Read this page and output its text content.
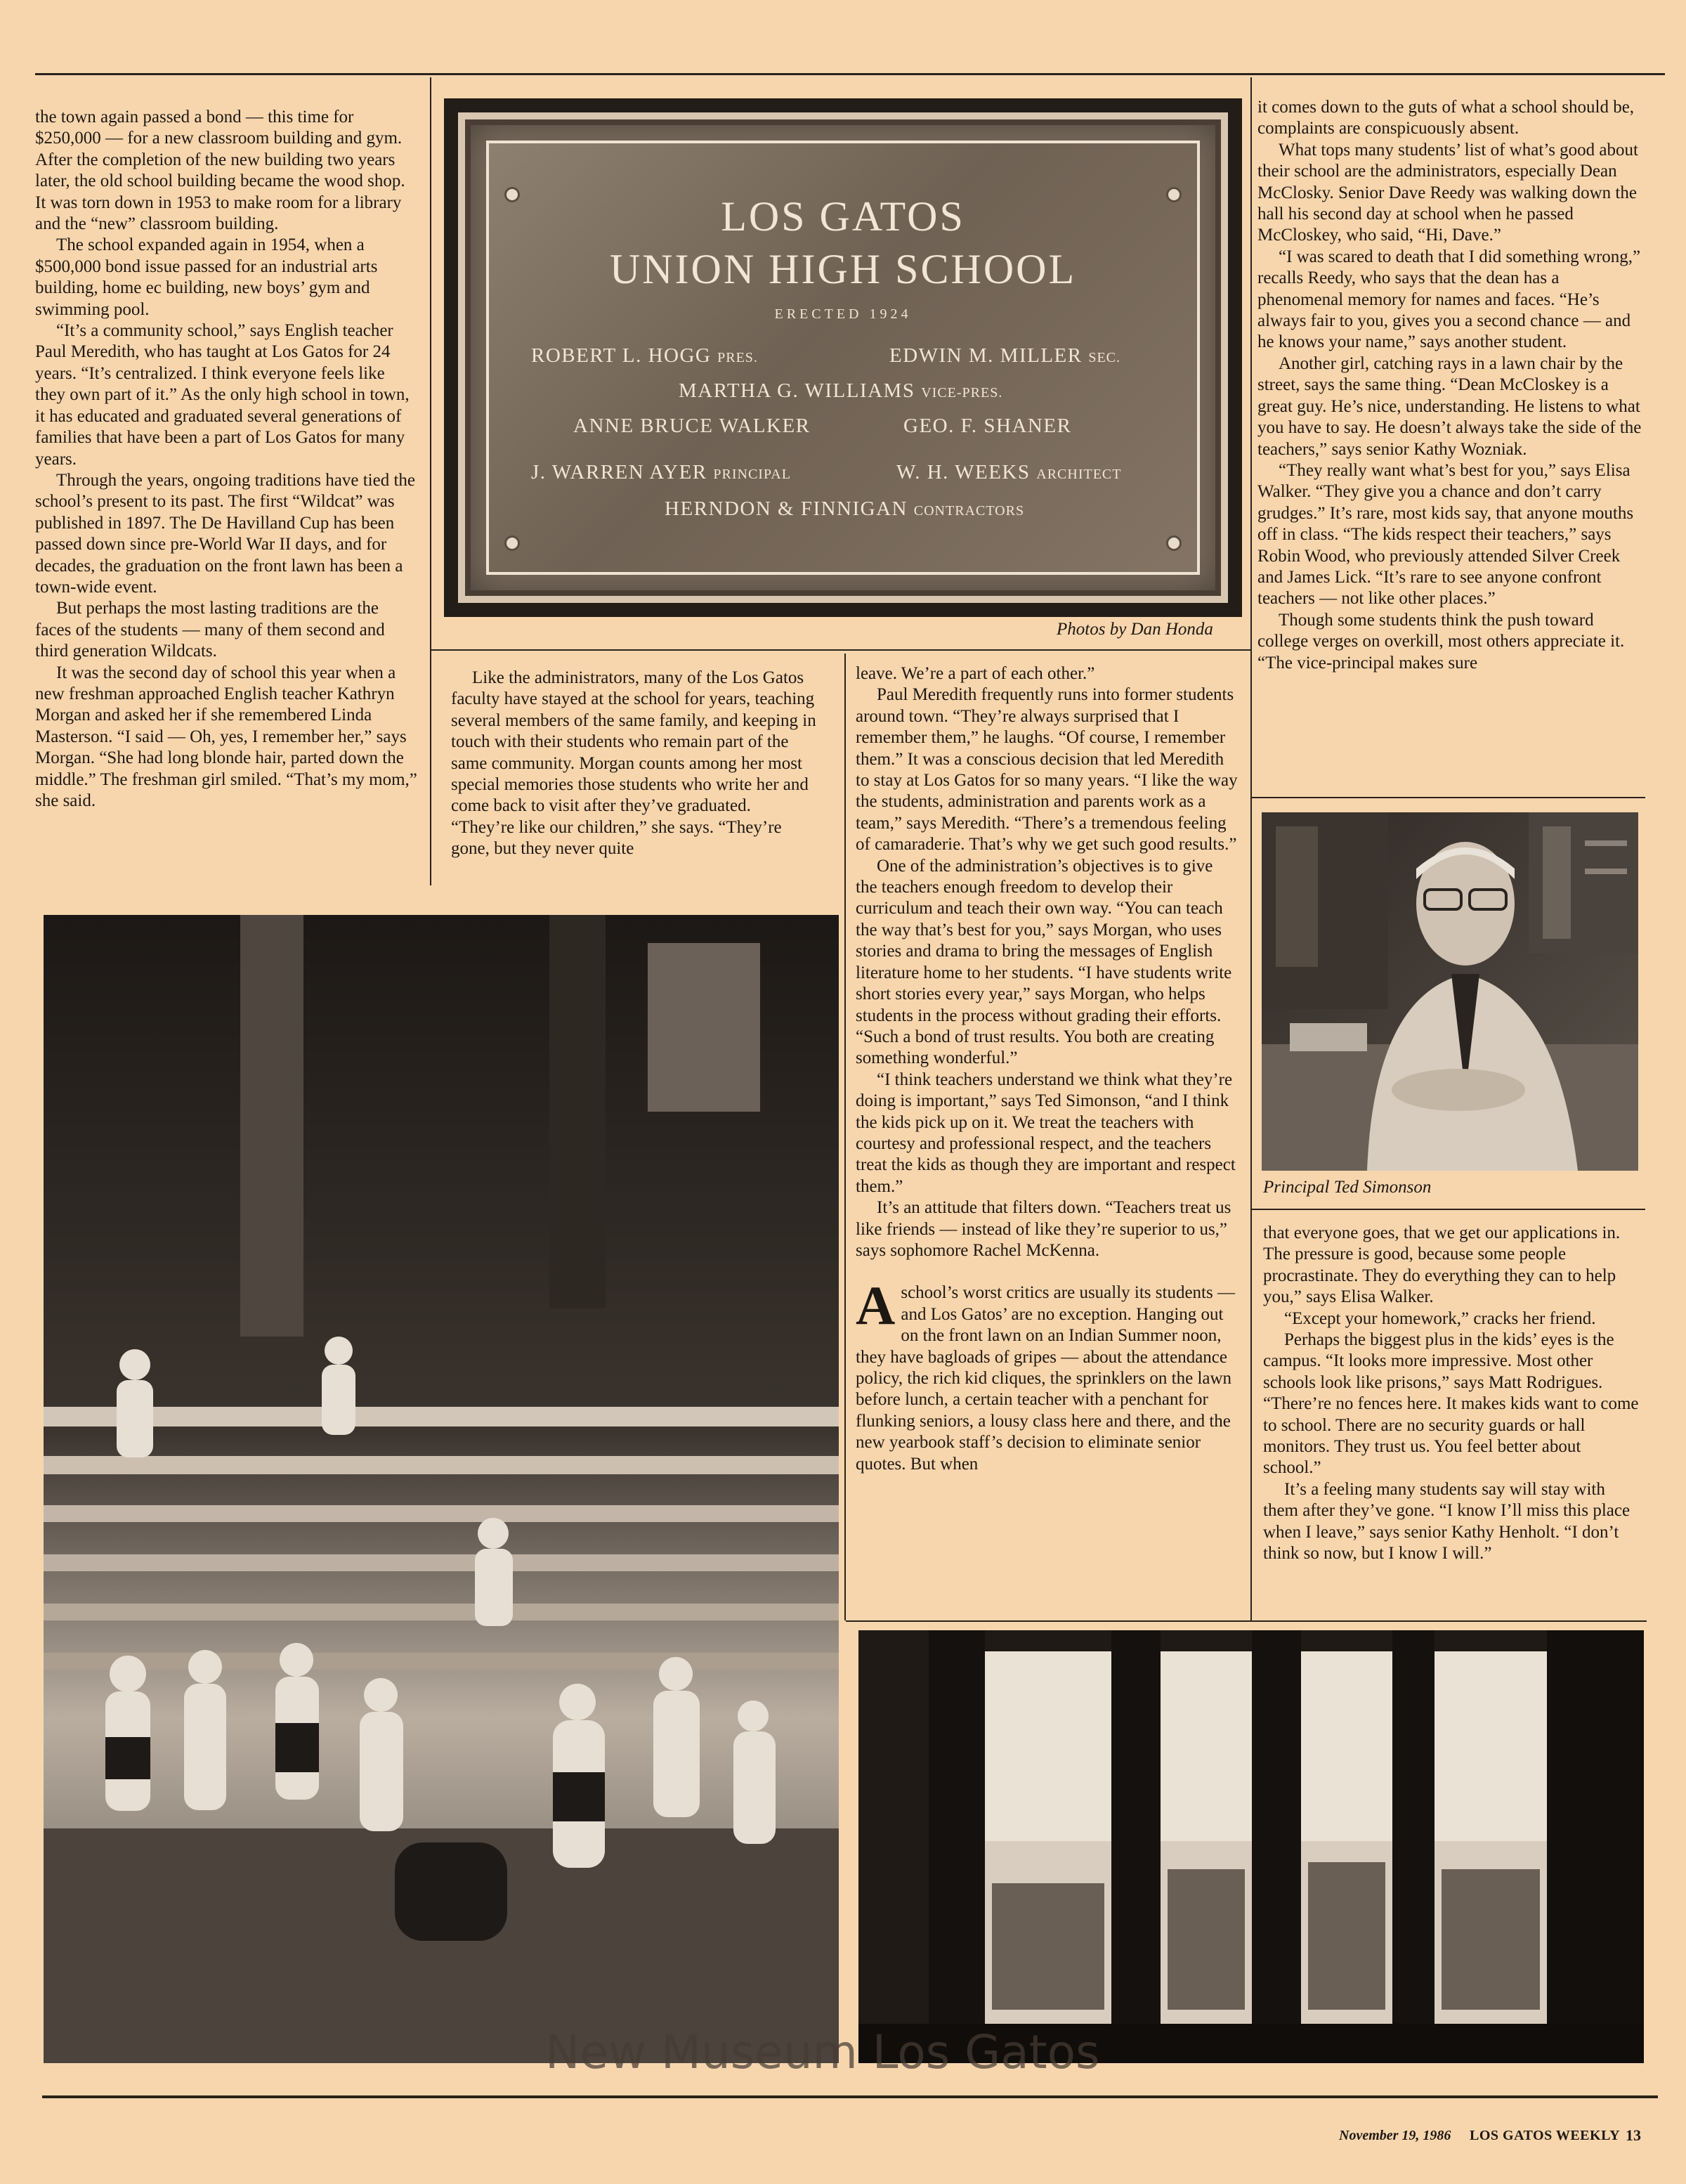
the town again passed a bond — this time for $250,000 — for a new classroom building and gym. After the completion of the new building two years later, the old school building became the wood shop. It was torn down in 1953 to make room for a library and the “new” classroom building.

The school expanded again in 1954, when a $500,000 bond issue passed for an industrial arts building, home ec building, new boys’ gym and swimming pool.

“It’s a community school,” says English teacher Paul Meredith, who has taught at Los Gatos for 24 years. “It’s centralized. I think everyone feels like they own part of it.” As the only high school in town, it has educated and graduated several generations of families that have been a part of Los Gatos for many years.

Through the years, ongoing traditions have tied the school’s present to its past. The first “Wildcat” was published in 1897. The De Havilland Cup has been passed down since pre-World War II days, and for decades, the graduation on the front lawn has been a town-wide event.

But perhaps the most lasting traditions are the faces of the students — many of them second and third generation Wildcats.

It was the second day of school this year when a new freshman approached English teacher Kathryn Morgan and asked her if she remembered Linda Masterson. “I said — Oh, yes, I remember her,” says Morgan. “She had long blonde hair, parted down the middle.” The freshman girl smiled. “That’s my mom,” she said.

LOS GATOS
UNION HIGH SCHOOL
ERECTED 1924
ROBERT L. HOGG PRES.	EDWIN M. MILLER SEC.
MARTHA G. WILLIAMS VICE-PRES.
ANNE BRUCE WALKER	GEO. F. SHANER
J. WARREN AYER PRINCIPAL	W. H. WEEKS ARCHITECT
HERNDON & FINNIGAN CONTRACTORS
Photos by Dan Honda

Like the administrators, many of the Los Gatos faculty have stayed at the school for years, teaching several members of the same family, and keeping in touch with their students who remain part of the same community. Morgan counts among her most special memories those students who write her and come back to visit after they’ve graduated. “They’re like our children,” she says. “They’re gone, but they never quite

leave. We’re a part of each other.”

Paul Meredith frequently runs into former students around town. “They’re always surprised that I remember them,” he laughs. “Of course, I remember them.” It was a conscious decision that led Meredith to stay at Los Gatos for so many years. “I like the way the students, administration and parents work as a team,” says Meredith. “There’s a tremendous feeling of camaraderie. That’s why we get such good results.”

One of the administration’s objectives is to give the teachers enough freedom to develop their curriculum and teach their own way. “You can teach the way that’s best for you,” says Morgan, who uses stories and drama to bring the messages of English literature home to her students. “I have students write short stories every year,” says Morgan, who helps students in the process without grading their efforts. “Such a bond of trust results. You both are creating something wonderful.”

“I think teachers understand we think what they’re doing is important,” says Ted Simonson, “and I think the kids pick up on it. We treat the teachers with courtesy and professional respect, and the teachers treat the kids as though they are important and respect them.”

It’s an attitude that filters down. “Teachers treat us like friends — instead of like they’re superior to us,” says sophomore Rachel McKenna.

Aschool’s worst critics are usually its students — and Los Gatos’ are no exception. Hanging out on the front lawn on an Indian Summer noon, they have bagloads of gripes — about the attendance policy, the rich kid cliques, the sprinklers on the lawn before lunch, a certain teacher with a penchant for flunking seniors, a lousy class here and there, and the new yearbook staff’s decision to eliminate senior quotes. But when

it comes down to the guts of what a school should be, complaints are conspicuously absent.

What tops many students’ list of what’s good about their school are the administrators, especially Dean McClosky. Senior Dave Reedy was walking down the hall his second day at school when he passed McCloskey, who said, “Hi, Dave.”

“I was scared to death that I did something wrong,” recalls Reedy, who says that the dean has a phenomenal memory for names and faces. “He’s always fair to you, gives you a second chance — and he knows your name,” says another student.

Another girl, catching rays in a lawn chair by the street, says the same thing. “Dean McCloskey is a great guy. He’s nice, understanding. He listens to what you have to say. He doesn’t always take the side of the teachers,” says senior Kathy Wozniak.

“They really want what’s best for you,” says Elisa Walker. “They give you a chance and don’t carry grudges.” It’s rare, most kids say, that anyone mouths off in class. “The kids respect their teachers,” says Robin Wood, who previously attended Silver Creek and James Lick. “It’s rare to see anyone confront teachers — not like other places.”

Though some students think the push toward college verges on overkill, most others appreciate it. “The vice-principal makes sure

Principal Ted Simonson

that everyone goes, that we get our applications in. The pressure is good, because some people procrastinate. They do everything they can to help you,” says Elisa Walker.

“Except your homework,” cracks her friend.

Perhaps the biggest plus in the kids’ eyes is the campus. “It looks more impressive. Most other schools look like prisons,” says Matt Rodrigues. “There’re no fences here. It makes kids want to come to school. There are no security guards or hall monitors. They trust us. You feel better about school.”

It’s a feeling many students say will stay with them after they’ve gone. “I know I’ll miss this place when I leave,” says senior Kathy Henholt. “I don’t think so now, but I know I will.”

New Museum Los Gatos
November 19, 1986 LOS GATOS WEEKLY 13
